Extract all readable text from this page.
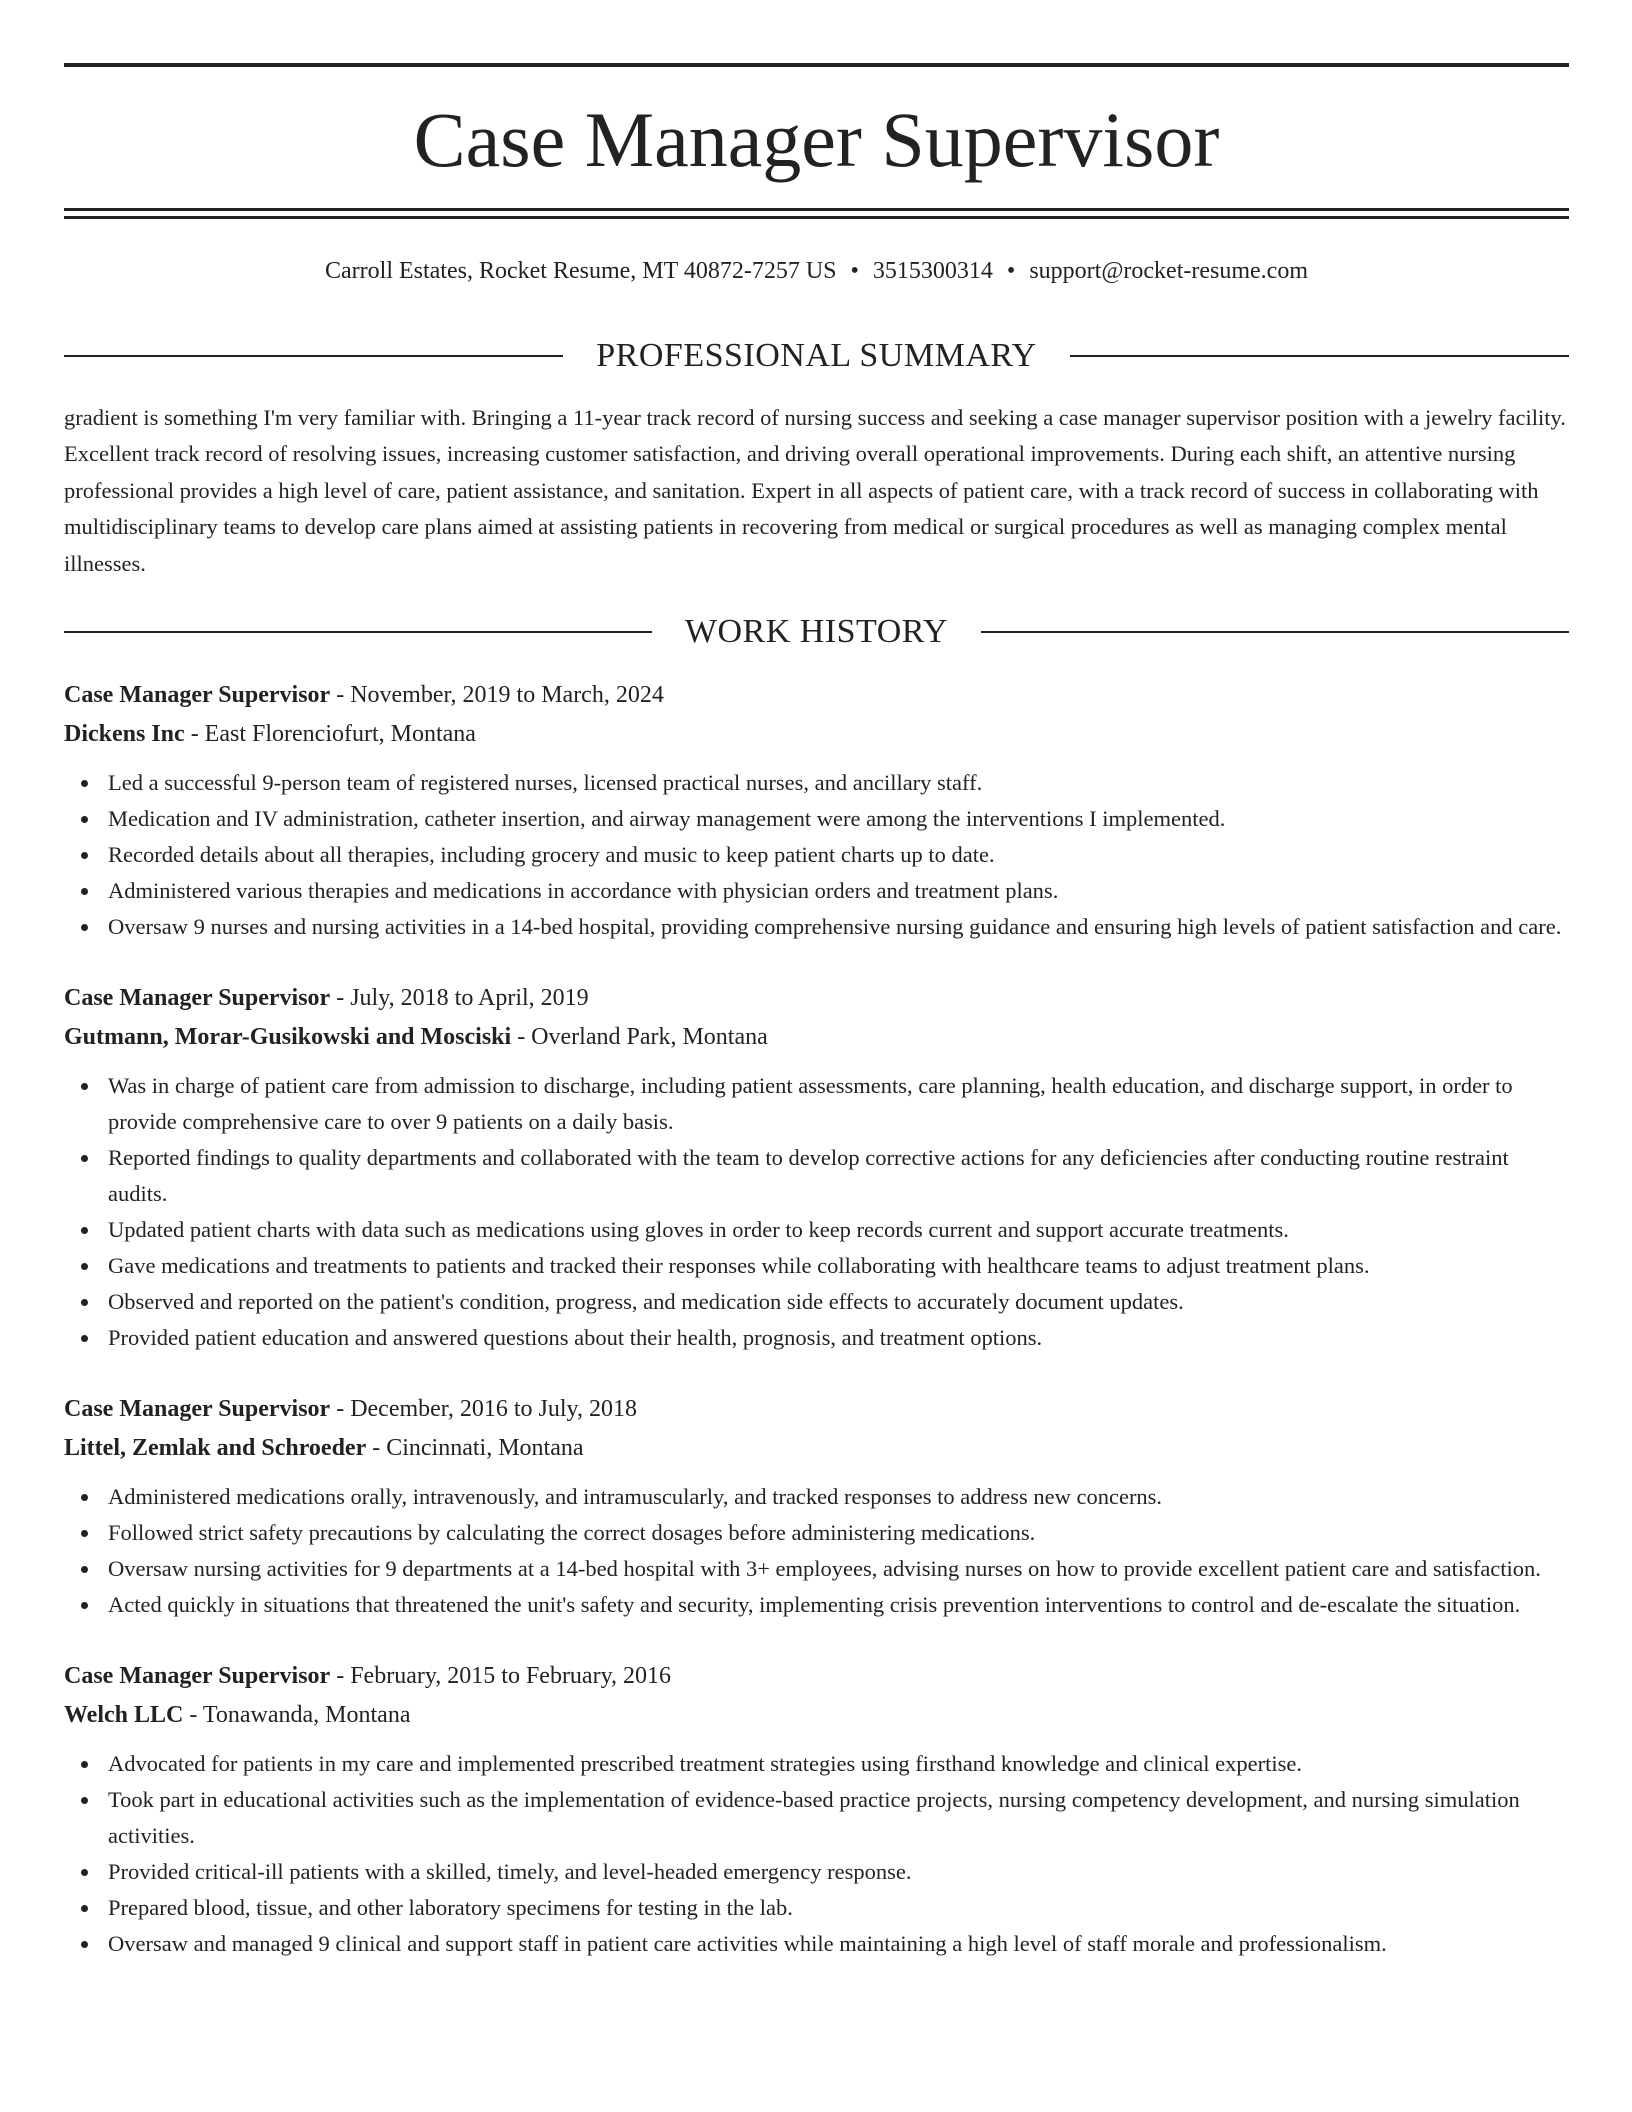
Case Manager Supervisor
Carroll Estates, Rocket Resume, MT 40872-7257 US • 3515300314 • support@rocket-resume.com
PROFESSIONAL SUMMARY

gradient is something I'm very familiar with. Bringing a 11-year track record of nursing success and seeking a case manager supervisor position with a jewelry facility. Excellent track record of resolving issues, increasing customer satisfaction, and driving overall operational improvements. During each shift, an attentive nursing professional provides a high level of care, patient assistance, and sanitation. Expert in all aspects of patient care, with a track record of success in collaborating with multidisciplinary teams to develop care plans aimed at assisting patients in recovering from medical or surgical procedures as well as managing complex mental illnesses.

WORK HISTORY

Case Manager Supervisor - November, 2019 to March, 2024

Dickens Inc - East Florenciofurt, Montana

Led a successful 9-person team of registered nurses, licensed practical nurses, and ancillary staff.
Medication and IV administration, catheter insertion, and airway management were among the interventions I implemented.
Recorded details about all therapies, including grocery and music to keep patient charts up to date.
Administered various therapies and medications in accordance with physician orders and treatment plans.
Oversaw 9 nurses and nursing activities in a 14-bed hospital, providing comprehensive nursing guidance and ensuring high levels of patient satisfaction and care.

Case Manager Supervisor - July, 2018 to April, 2019

Gutmann, Morar-Gusikowski and Mosciski - Overland Park, Montana

Was in charge of patient care from admission to discharge, including patient assessments, care planning, health education, and discharge support, in order to provide comprehensive care to over 9 patients on a daily basis.
Reported findings to quality departments and collaborated with the team to develop corrective actions for any deficiencies after conducting routine restraint audits.
Updated patient charts with data such as medications using gloves in order to keep records current and support accurate treatments.
Gave medications and treatments to patients and tracked their responses while collaborating with healthcare teams to adjust treatment plans.
Observed and reported on the patient's condition, progress, and medication side effects to accurately document updates.
Provided patient education and answered questions about their health, prognosis, and treatment options.

Case Manager Supervisor - December, 2016 to July, 2018

Littel, Zemlak and Schroeder - Cincinnati, Montana

Administered medications orally, intravenously, and intramuscularly, and tracked responses to address new concerns.
Followed strict safety precautions by calculating the correct dosages before administering medications.
Oversaw nursing activities for 9 departments at a 14-bed hospital with 3+ employees, advising nurses on how to provide excellent patient care and satisfaction.
Acted quickly in situations that threatened the unit's safety and security, implementing crisis prevention interventions to control and de-escalate the situation.

Case Manager Supervisor - February, 2015 to February, 2016

Welch LLC - Tonawanda, Montana

Advocated for patients in my care and implemented prescribed treatment strategies using firsthand knowledge and clinical expertise.
Took part in educational activities such as the implementation of evidence-based practice projects, nursing competency development, and nursing simulation activities.
Provided critical-ill patients with a skilled, timely, and level-headed emergency response.
Prepared blood, tissue, and other laboratory specimens for testing in the lab.
Oversaw and managed 9 clinical and support staff in patient care activities while maintaining a high level of staff morale and professionalism.
